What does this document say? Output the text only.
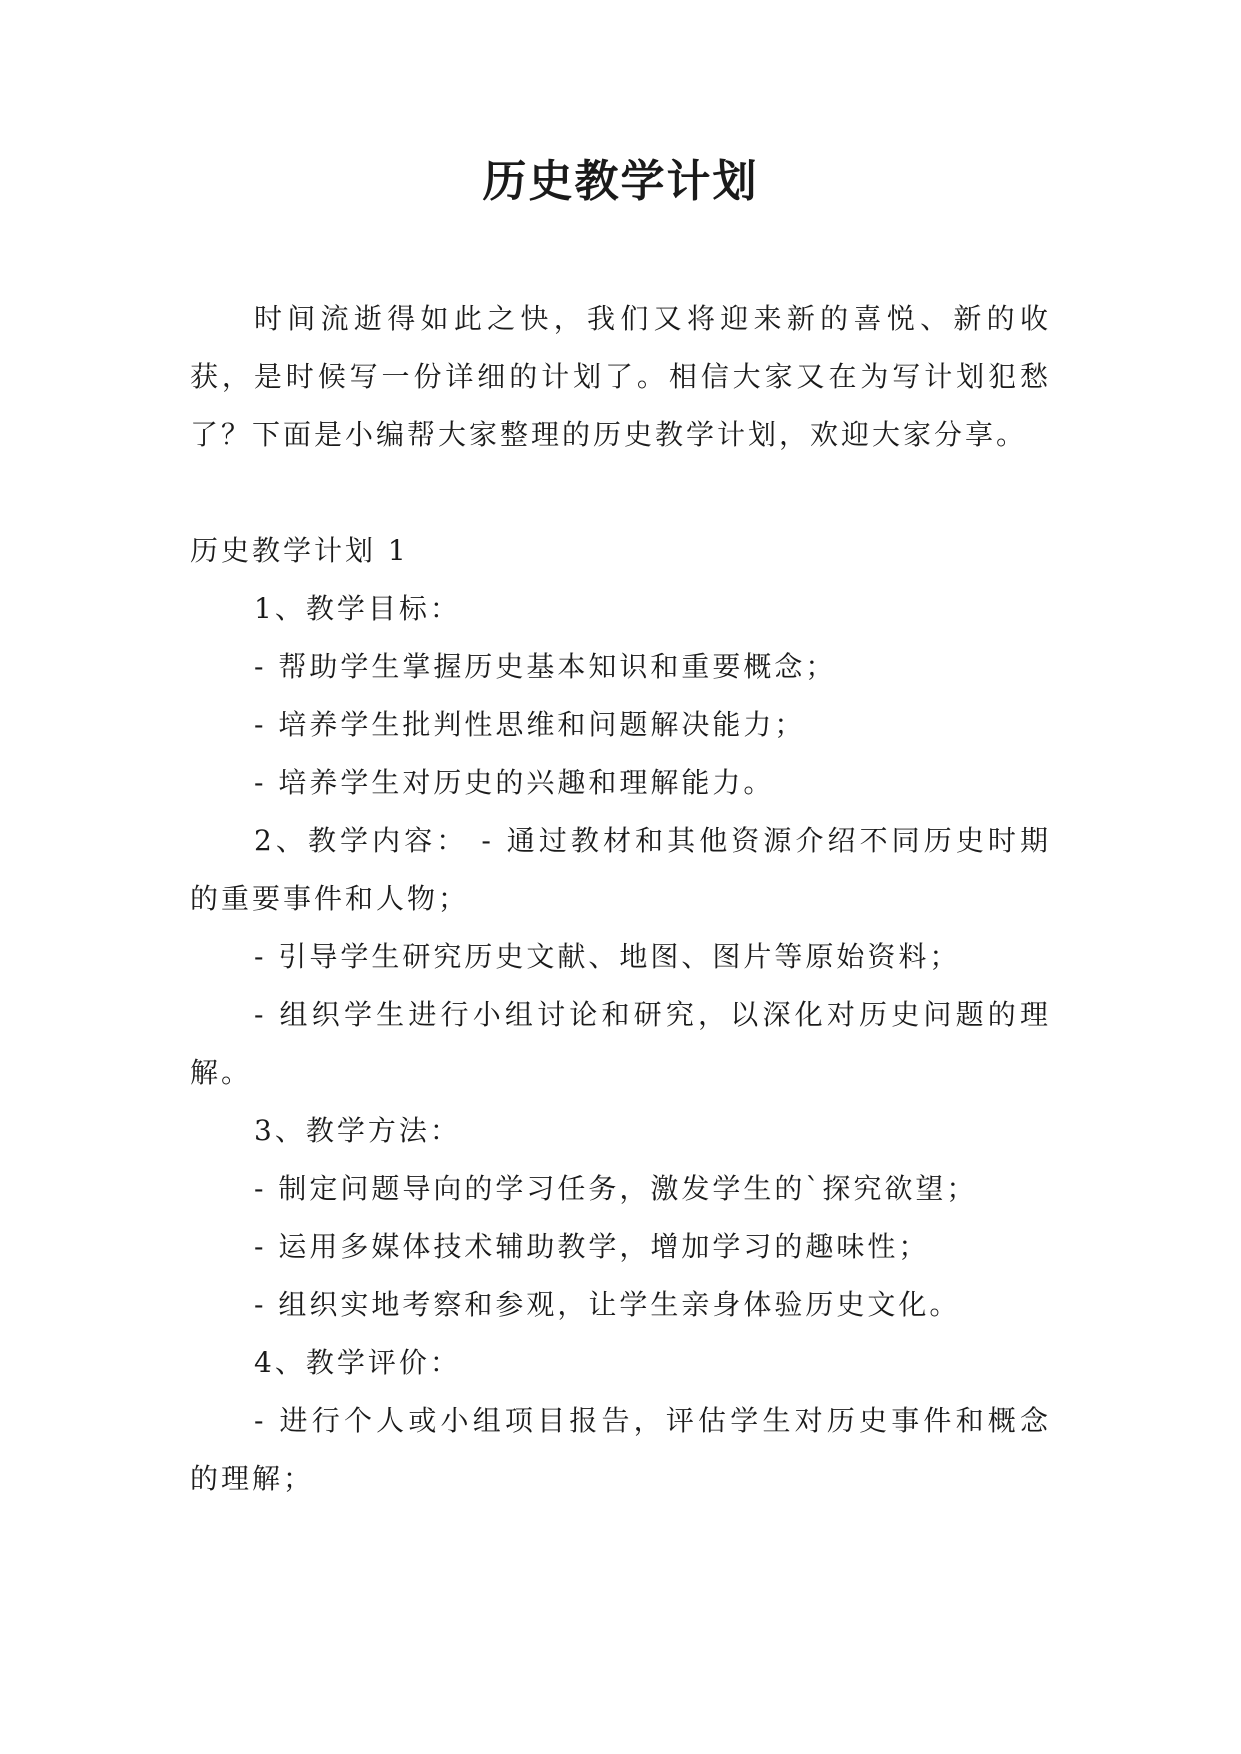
历史教学计划

时间流逝得如此之快，我们又将迎来新的喜悦、新的收获，是时候写一份详细的计划了。相信大家又在为写计划犯愁了？下面是小编帮大家整理的历史教学计划，欢迎大家分享。

历史教学计划 1

1、教学目标：

- 帮助学生掌握历史基本知识和重要概念；

- 培养学生批判性思维和问题解决能力；

- 培养学生对历史的兴趣和理解能力。

2、教学内容： - 通过教材和其他资源介绍不同历史时期的重要事件和人物；

- 引导学生研究历史文献、地图、图片等原始资料；

- 组织学生进行小组讨论和研究，以深化对历史问题的理解。

3、教学方法：

- 制定问题导向的学习任务，激发学生的`探究欲望；

- 运用多媒体技术辅助教学，增加学习的趣味性；

- 组织实地考察和参观，让学生亲身体验历史文化。

4、教学评价：

- 进行个人或小组项目报告，评估学生对历史事件和概念的理解；
